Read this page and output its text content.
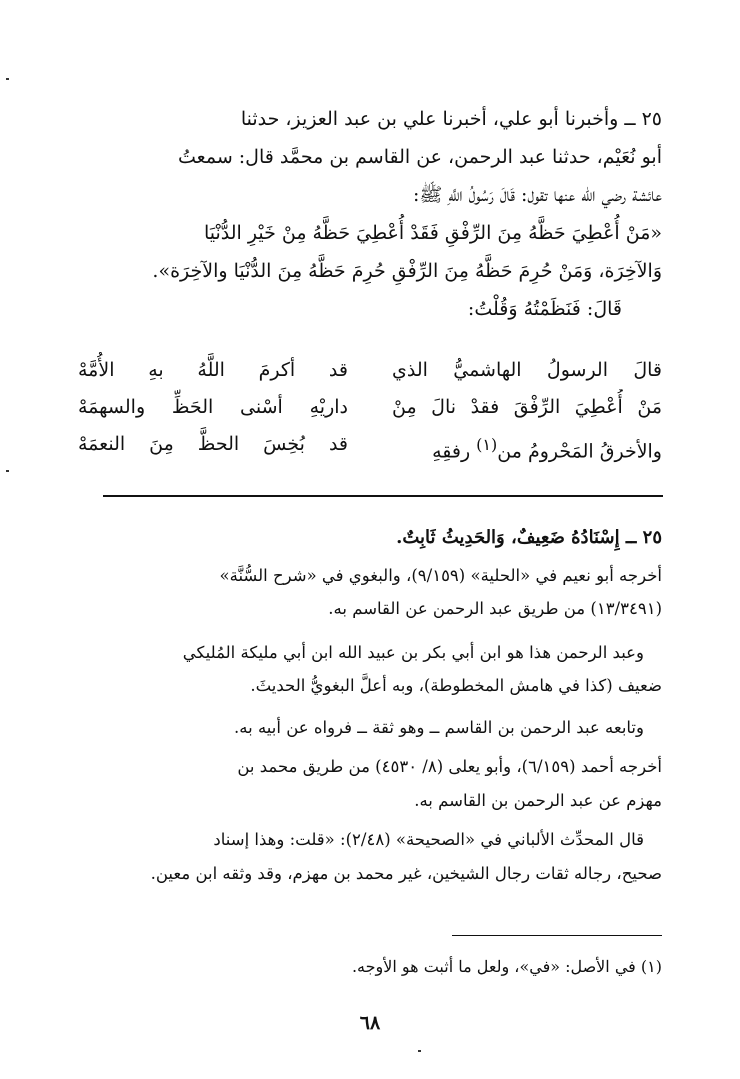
٢٥ ــ وأخبرنا أبو علي، أخبرنا علي بن عبد العزيز، حدثنا
أبو نُعَيْم، حدثنا عبد الرحمن، عن القاسم بن محمَّد قال: سمعتُ
عائشة رضي الله عنها تقول: قَالَ رَسُولُ اللَّهِ ﷺ:
«مَنْ أُعْطِيَ حَظَّهُ مِنَ الرِّفْقِ فَقَدْ أُعْطِيَ حَظَّهُ مِنْ خَيْرِ الدُّنْيَا
وَالآخِرَة، وَمَنْ حُرِمَ حَظَّهُ مِنَ الرِّفْقِ حُرِمَ حَظَّهُ مِنَ الدُّنْيَا والآخِرَة».
قَالَ: فَنَظَمْتُهُ وَقُلْتُ:
قالَ الرسولُ الهاشميُّ الذي
قد أكرمَ اللَّهُ بهِ الأُمَّهْ
مَنْ أُعْطِيَ الرِّفْقَ فقدْ نالَ مِنْ
داريْهِ أسْنى الحَظِّ والسهمَهْ
والأخرقُ المَحْرومُ من$^{(١)}$ رفقِهِ
قد بُخِسَ الحظَّ مِنَ النعمَهْ
٢٥ ــ إِسْنَادُهُ ضَعِيفٌ، وَالحَدِيثُ ثَابِتٌ.
أخرجه أبو نعيم في «الحلية» (٩/١٥٩)، والبغوي في «شرح السُّنَّة»
(١٣/٣٤٩١) من طريق عبد الرحمن عن القاسم به.
وعبد الرحمن هذا هو ابن أبي بكر بن عبيد الله ابن أبي مليكة المُليكي
ضعيف (كذا في هامش المخطوطة)، وبه أعلَّ البغويُّ الحديثَ.
وتابعه عبد الرحمن بن القاسم ــ وهو ثقة ــ فرواه عن أبيه به.
أخرجه أحمد (٦/١٥٩)، وأبو يعلى (٨/ ٤٥٣٠) من طريق محمد بن
مهزم عن عبد الرحمن بن القاسم به.
قال المحدِّث الألباني في «الصحيحة» (٢/٤٨): «قلت: وهذا إسناد
صحيح، رجاله ثقات رجال الشيخين، غير محمد بن مهزم، وقد وثقه ابن معين.
(١) في الأصل: «في»، ولعل ما أثبت هو الأوجه.
٦٨
